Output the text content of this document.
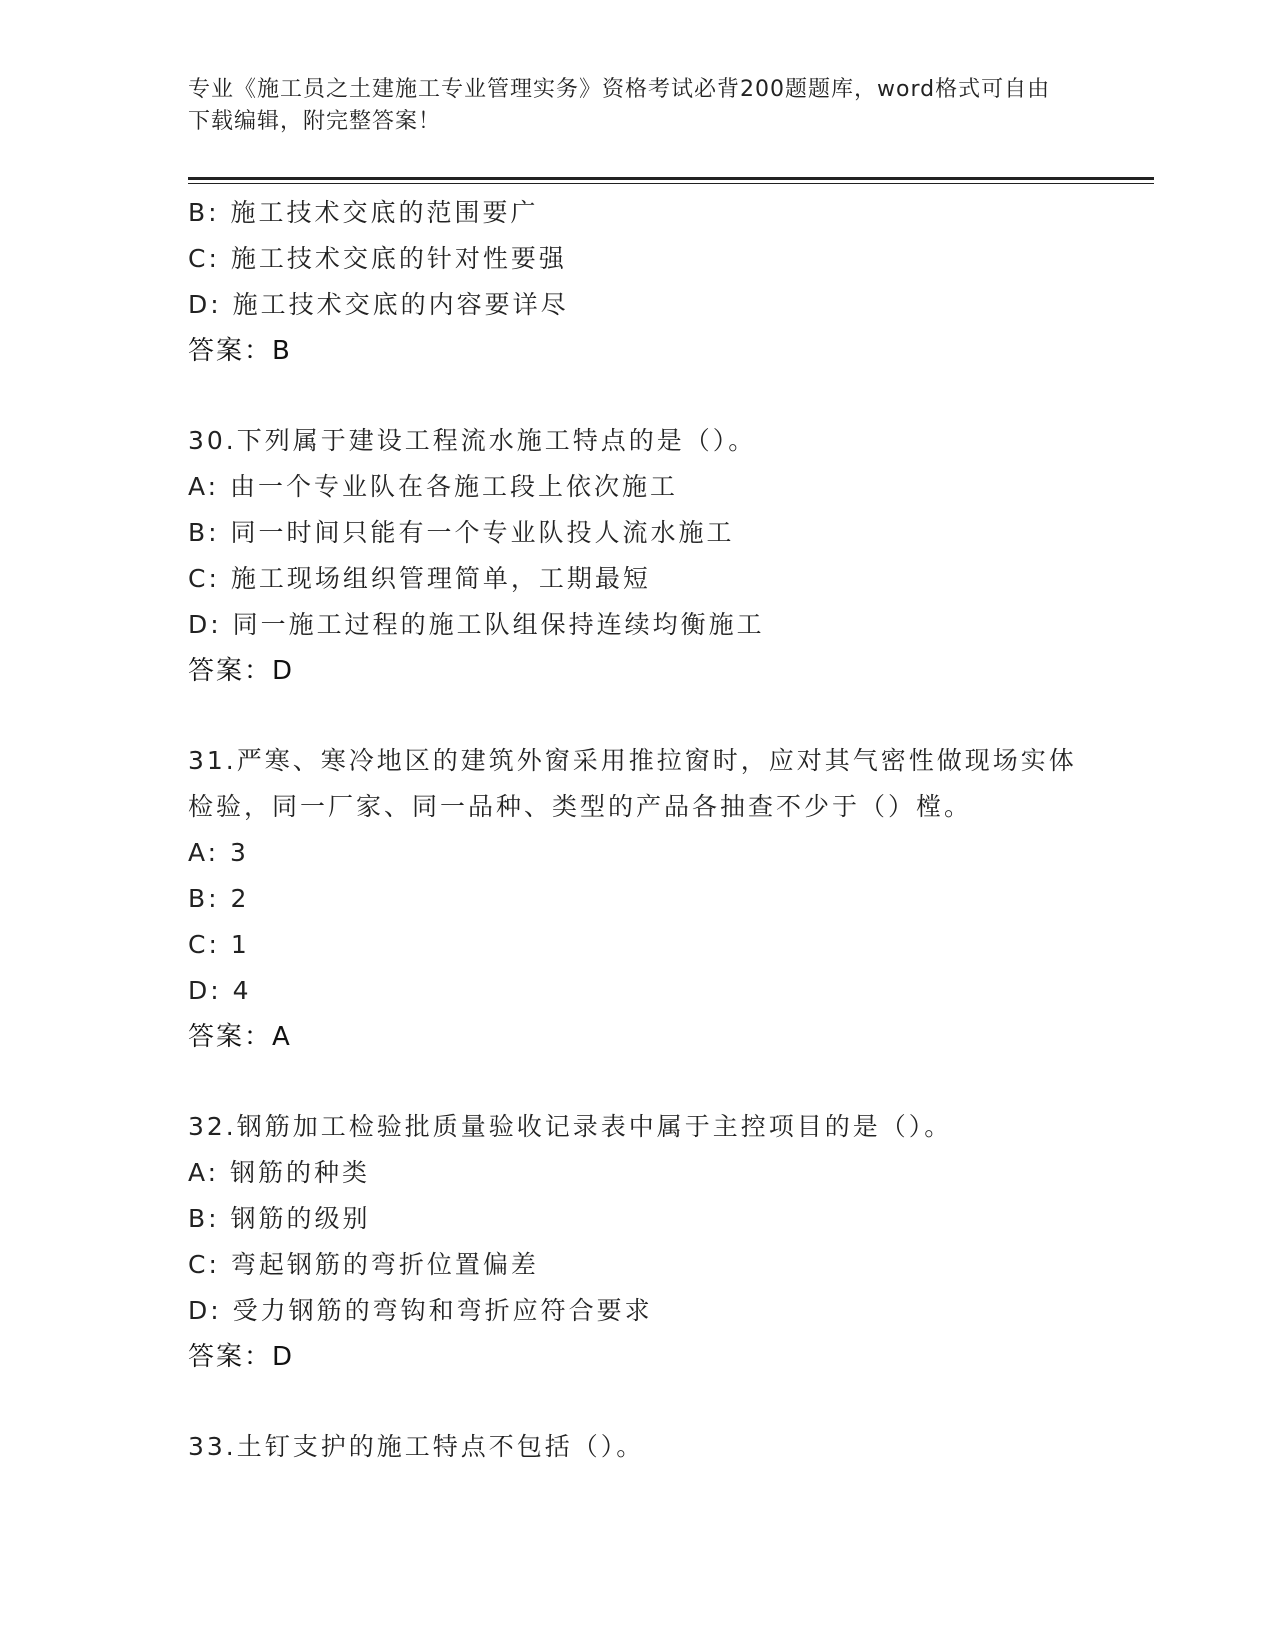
专业《施工员之土建施工专业管理实务》资格考试必背200题题库，word格式可自由下载编辑，附完整答案！
B: 施工技术交底的范围要广
C: 施工技术交底的针对性要强
D: 施工技术交底的内容要详尽
答案：B
30.下列属于建设工程流水施工特点的是（）。
A: 由一个专业队在各施工段上依次施工
B: 同一时间只能有一个专业队投人流水施工
C: 施工现场组织管理简单，工期最短
D: 同一施工过程的施工队组保持连续均衡施工
答案：D
31.严寒、寒冷地区的建筑外窗采用推拉窗时，应对其气密性做现场实体检验，同一厂家、同一品种、类型的产品各抽查不少于（）樘。
A: 3
B: 2
C: 1
D: 4
答案：A
32.钢筋加工检验批质量验收记录表中属于主控项目的是（）。
A: 钢筋的种类
B: 钢筋的级别
C: 弯起钢筋的弯折位置偏差
D: 受力钢筋的弯钩和弯折应符合要求
答案：D
33.土钉支护的施工特点不包括（）。
